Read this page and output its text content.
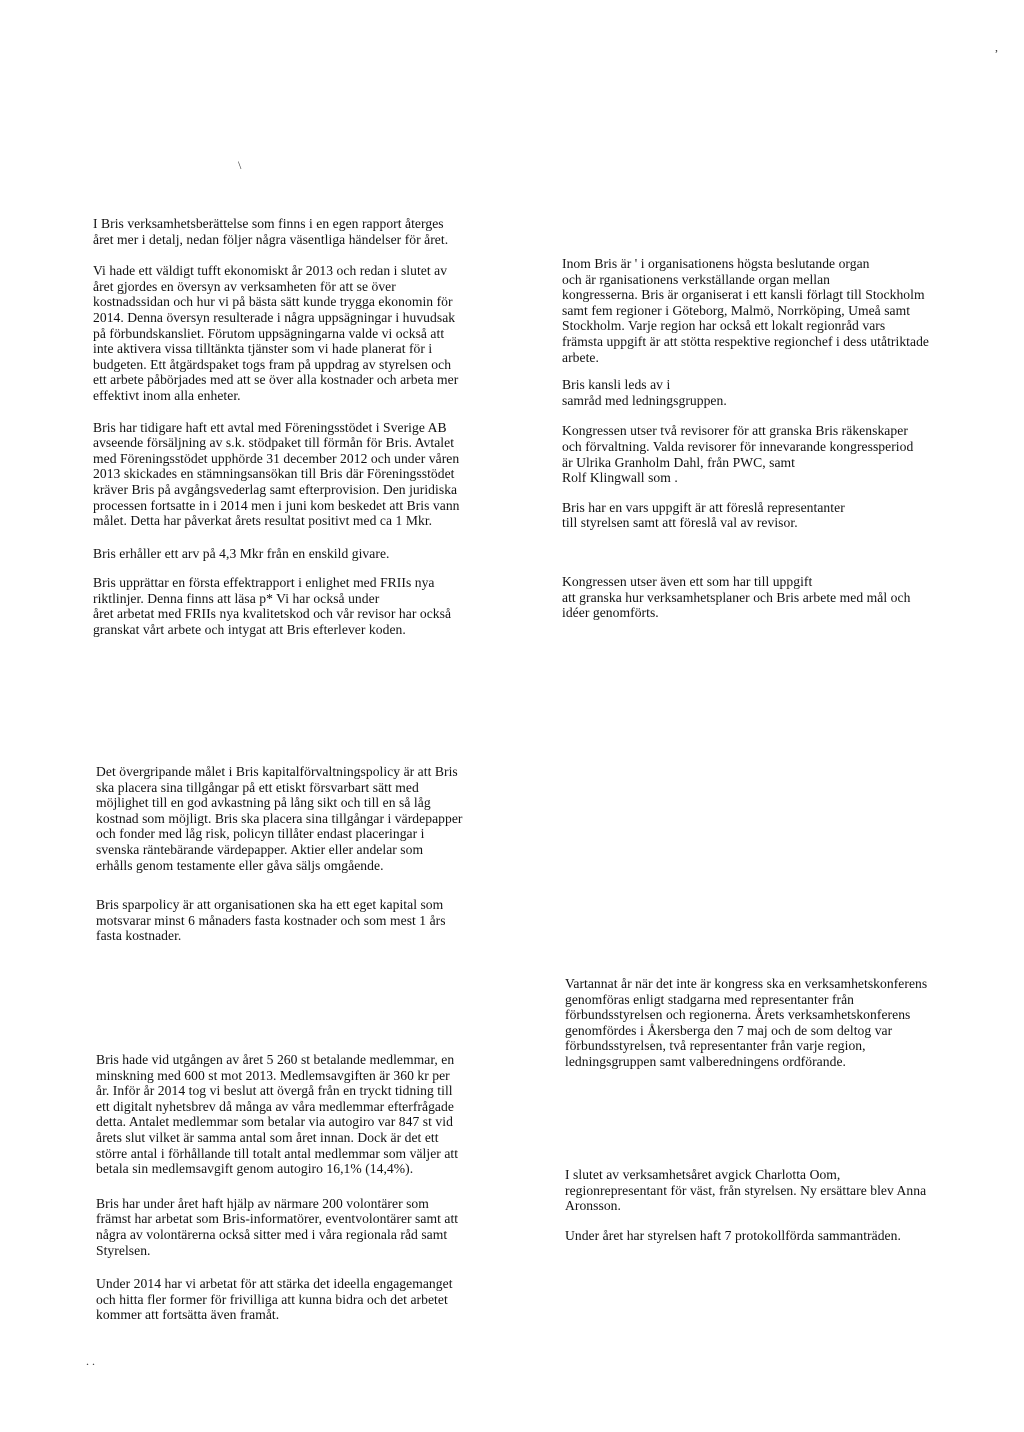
I Bris verksamhetsberättelse som finns i en egen rapport återges
året mer i detalj, nedan följer några väsentliga händelser för året.

Vi hade ett väldigt tufft ekonomiskt år 2013 och redan i slutet av
året gjordes en översyn av verksamheten för att se över
kostnadssidan och hur vi på bästa sätt kunde trygga ekonomin för
2014. Denna översyn resulterade i några uppsägningar i huvudsak
på förbundskansliet. Förutom uppsägningarna valde vi också att
inte aktivera vissa tilltänkta tjänster som vi hade planerat för i
budgeten. Ett åtgärdspaket togs fram på uppdrag av styrelsen och
ett arbete påbörjades med att se över alla kostnader och arbeta mer
effektivt inom alla enheter.

Bris har tidigare haft ett avtal med Föreningsstödet i Sverige AB
avseende försäljning av s.k. stödpaket till förmån för Bris. Avtalet
med Föreningsstödet upphörde 31 december 2012 och under våren
2013 skickades en stämningsansökan till Bris där Föreningsstödet
kräver Bris på avgångsvederlag samt efterprovision. Den juridiska
processen fortsatte in i 2014 men i juni kom beskedet att Bris vann
målet. Detta har påverkat årets resultat positivt med ca 1 Mkr.

Bris erhåller ett arv på 4,3 Mkr från en enskild givare.

Bris upprättar en första effektrapport i enlighet med FRIIs nya
riktlinjer. Denna finns att läsa p* Vi har också under
året arbetat med FRIIs nya kvalitetskod och vår revisor har också
granskat vårt arbete och intygat att Bris efterlever koden.

Inom Bris är ' i organisationens högsta beslutande organ
och är rganisationens verkställande organ mellan
kongresserna. Bris är organiserat i ett kansli förlagt till Stockholm
samt fem regioner i Göteborg, Malmö, Norrköping, Umeå samt
Stockholm. Varje region har också ett lokalt regionråd vars
främsta uppgift är att stötta respektive regionchef i dess utåtriktade
arbete.

Bris kansli leds av i
samråd med ledningsgruppen.

Kongressen utser två revisorer för att granska Bris räkenskaper
och förvaltning. Valda revisorer för innevarande kongressperiod
är Ulrika Granholm Dahl, från PWC, samt
Rolf Klingwall som .

Bris har en vars uppgift är att föreslå representanter
till styrelsen samt att föreslå val av revisor.

Kongressen utser även ett som har till uppgift
att granska hur verksamhetsplaner och Bris arbete med mål och
idéer genomförts.

Det övergripande målet i Bris kapitalförvaltningspolicy är att Bris
ska placera sina tillgångar på ett etiskt försvarbart sätt med
möjlighet till en god avkastning på lång sikt och till en så låg
kostnad som möjligt. Bris ska placera sina tillgångar i värdepapper
och fonder med låg risk, policyn tillåter endast placeringar i
svenska räntebärande värdepapper. Aktier eller andelar som
erhålls genom testamente eller gåva säljs omgående.

Bris sparpolicy är att organisationen ska ha ett eget kapital som
motsvarar minst 6 månaders fasta kostnader och som mest 1 års
fasta kostnader.

Bris hade vid utgången av året 5 260 st betalande medlemmar, en
minskning med 600 st mot 2013. Medlemsavgiften är 360 kr per
år. Inför år 2014 tog vi beslut att övergå från en tryckt tidning till
ett digitalt nyhetsbrev då många av våra medlemmar efterfrågade
detta. Antalet medlemmar som betalar via autogiro var 847 st vid
årets slut vilket är samma antal som året innan. Dock är det ett
större antal i förhållande till totalt antal medlemmar som väljer att
betala sin medlemsavgift genom autogiro 16,1% (14,4%).

Bris har under året haft hjälp av närmare 200 volontärer som
främst har arbetat som Bris-informatörer, eventvolontärer samt att
några av volontärerna också sitter med i våra regionala råd samt
Styrelsen.

Under 2014 har vi arbetat för att stärka det ideella engagemanget
och hitta fler former för frivilliga att kunna bidra och det arbetet
kommer att fortsätta även framåt.

Vartannat år när det inte är kongress ska en verksamhetskonferens
genomföras enligt stadgarna med representanter från
förbundsstyrelsen och regionerna. Årets verksamhetskonferens
genomfördes i Åkersberga den 7 maj och de som deltog var
förbundsstyrelsen, två representanter från varje region,
ledningsgruppen samt valberedningens ordförande.

I slutet av verksamhetsåret avgick Charlotta Oom,
regionrepresentant för väst, från styrelsen. Ny ersättare blev Anna
Aronsson.

Under året har styrelsen haft 7 protokollförda sammanträden.

,
\
. .
